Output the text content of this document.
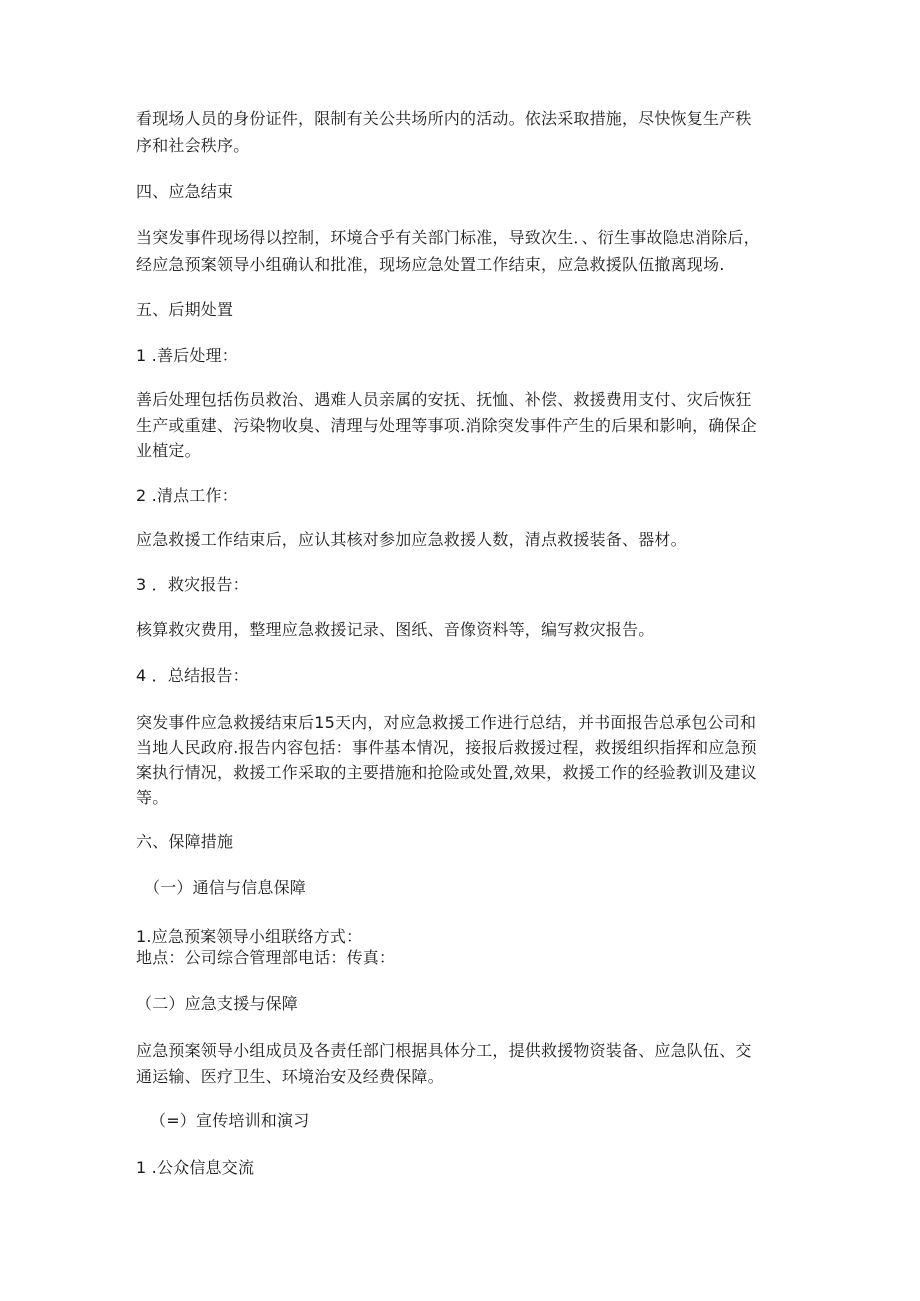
看现场人员的身份证件，限制有关公共场所内的活动。依法采取措施，尽快恢复生产秩

序和社会秩序。

四、应急结束

当突发事件现场得以控制，环境合乎有关部门标准，导致次生．、衍生事故隐忠消除后，

经应急预案领导小组确认和批准，现场应急处置工作结束，应急救援队伍撤离现场.

五、后期处置

1 .善后处理：

善后处理包括伤员救治、遇难人员亲属的安抚、抚恤、补偿、救援费用支付、灾后恢狂

生产或重建、污染物收臭、清理与处理等事项.消除突发事件产生的后果和影响，确保企

业植定。

2 .清点工作：

应急救援工作结束后，应认其核对参加应急救援人数，清点救援装备、器材。

3 ．救灾报告：

核算救灾费用，整理应急救援记录、图纸、音像资料等，编写救灾报告。

4 ．总结报告：

突发事件应急救援结束后15天内，对应急救援工作进行总结，并书面报告总承包公司和

当地人民政府.报告内容包括：事件基本情况，接报后救援过程，救援组织指挥和应急预

案执行情况，救援工作采取的主要措施和抢险或处置,效果，救援工作的经验教训及建议

等。

六、保障措施

（一）通信与信息保障

1.应急预案领导小组联络方式：

地点：公司综合管理部电话：传真：

（二）应急支援与保障

应急预案领导小组成员及各责任部门根据具体分工，提供救援物资装备、应急队伍、交

通运输、医疗卫生、环境治安及经费保障。

（=）宣传培训和演习

1 .公众信息交流
